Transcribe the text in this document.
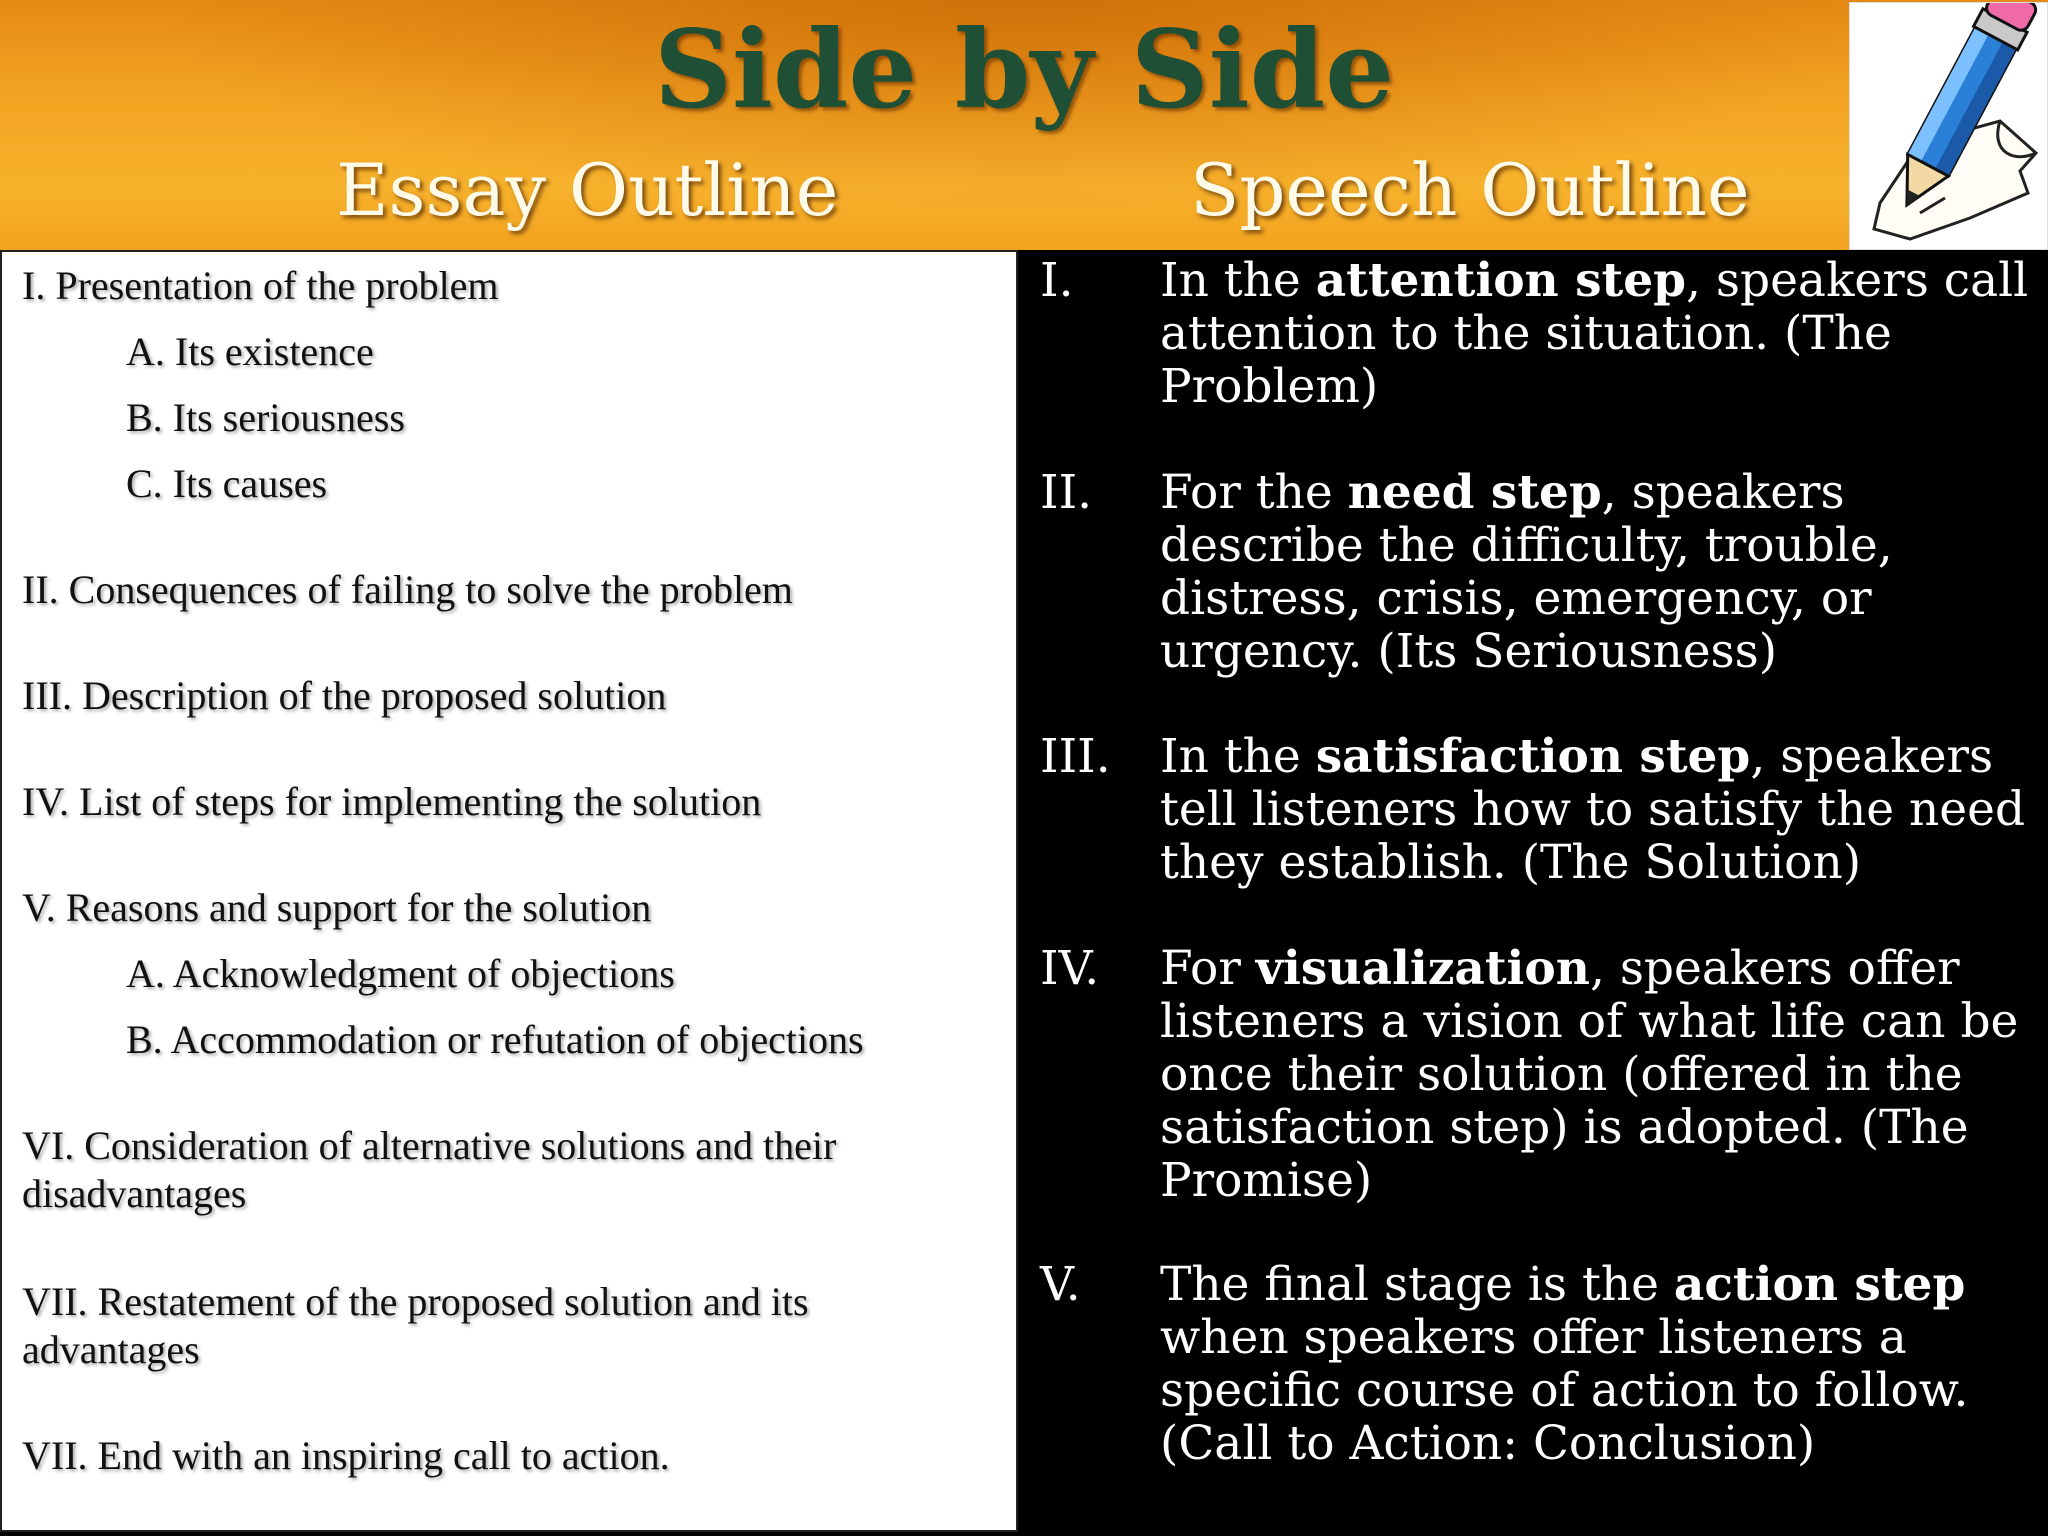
Side by Side
Essay Outline	Speech Outline
I. Presentation of the problem
A. Its existence
B. Its seriousness
C. Its causes
II. Consequences of failing to solve the problem
III. Description of the proposed solution
IV. List of steps for implementing the solution
V. Reasons and support for the solution
A. Acknowledgment of objections
B. Accommodation or refutation of objections
VI. Consideration of alternative solutions and their disadvantages
VII. Restatement of the proposed solution and its advantages
VII. End with an inspiring call to action.
I.	In the attention step, speakers call attention to the situation. (The Problem)
II.	For the need step, speakers describe the difficulty, trouble, distress, crisis, emergency, or urgency. (Its Seriousness)
III.	In the satisfaction step, speakers tell listeners how to satisfy the need they establish. (The Solution)
IV.	For visualization, speakers offer listeners a vision of what life can be once their solution (offered in the satisfaction step) is adopted. (The Promise)
V.	The final stage is the action step when speakers offer listeners a specific course of action to follow. (Call to Action: Conclusion)
